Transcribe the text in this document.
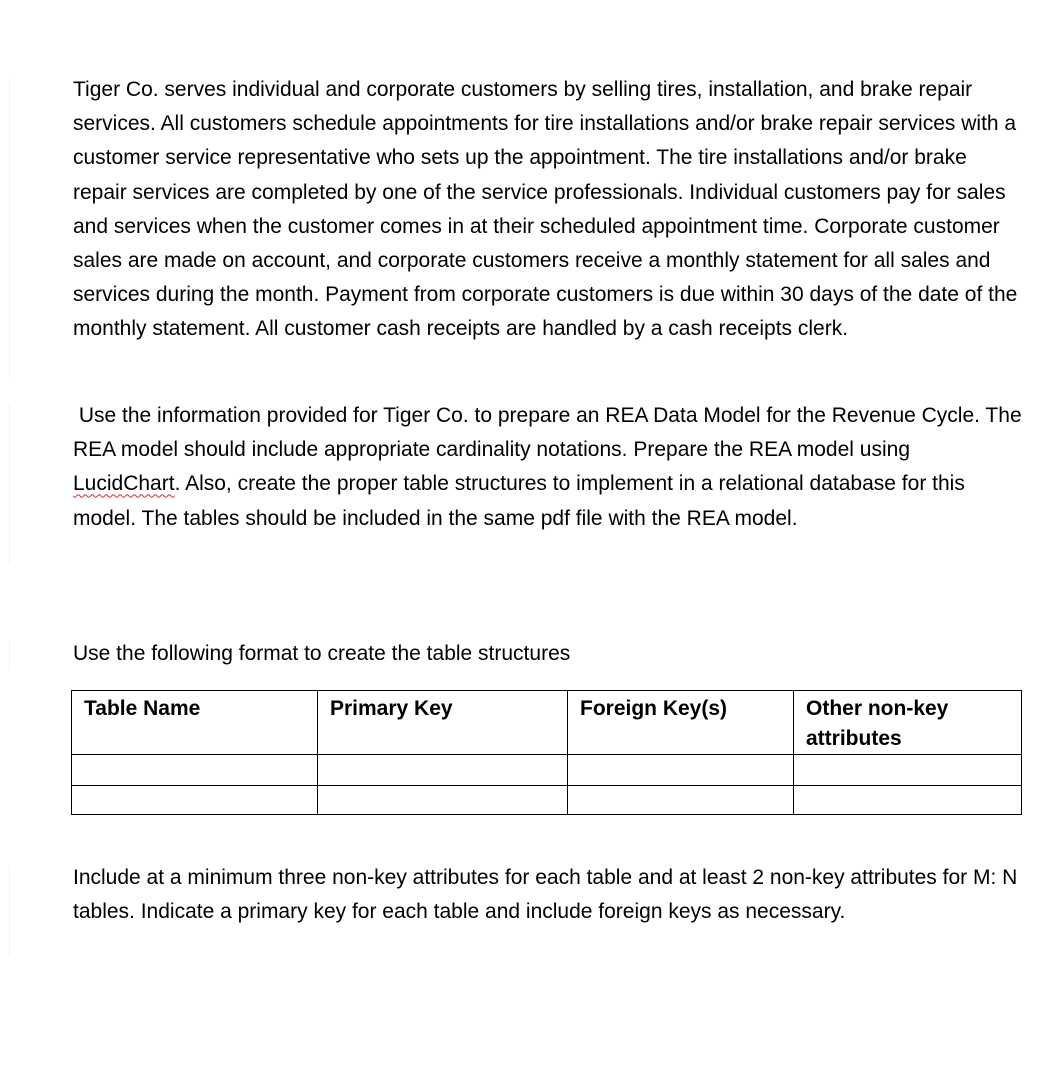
Tiger Co. serves individual and corporate customers by selling tires, installation, and brake repair services. All customers schedule appointments for tire installations and/or brake repair services with a customer service representative who sets up the appointment. The tire installations and/or brake repair services are completed by one of the service professionals. Individual customers pay for sales and services when the customer comes in at their scheduled appointment time. Corporate customer sales are made on account, and corporate customers receive a monthly statement for all sales and services during the month. Payment from corporate customers is due within 30 days of the date of the monthly statement. All customer cash receipts are handled by a cash receipts clerk.

Use the information provided for Tiger Co. to prepare an REA Data Model for the Revenue Cycle. The REA model should include appropriate cardinality notations. Prepare the REA model using LucidChart. Also, create the proper table structures to implement in a relational database for this model. The tables should be included in the same pdf file with the REA model.

Use the following format to create the table structures

Table Name	Primary Key	Foreign Key(s)	Other non-key attributes

Include at a minimum three non-key attributes for each table and at least 2 non-key attributes for M: N tables. Indicate a primary key for each table and include foreign keys as necessary.
